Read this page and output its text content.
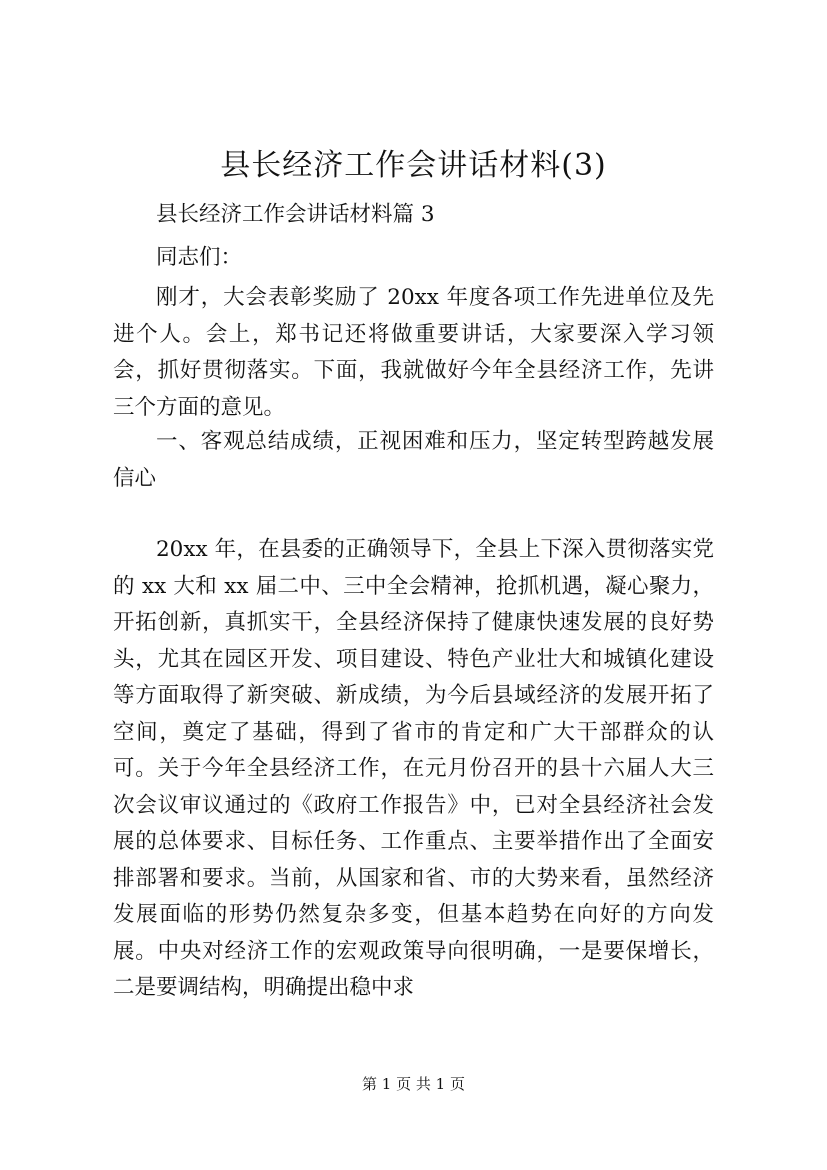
县长经济工作会讲话材料(3)
县长经济工作会讲话材料篇 3
同志们：
刚才，大会表彰奖励了 20xx 年度各项工作先进单位及先进个人。会上，郑书记还将做重要讲话，大家要深入学习领会，抓好贯彻落实。下面，我就做好今年全县经济工作，先讲三个方面的意见。
一、客观总结成绩，正视困难和压力，坚定转型跨越发展信心
20xx 年，在县委的正确领导下，全县上下深入贯彻落实党的 xx 大和 xx 届二中、三中全会精神，抢抓机遇，凝心聚力，开拓创新，真抓实干，全县经济保持了健康快速发展的良好势头，尤其在园区开发、项目建设、特色产业壮大和城镇化建设等方面取得了新突破、新成绩，为今后县域经济的发展开拓了空间，奠定了基础，得到了省市的肯定和广大干部群众的认可。关于今年全县经济工作，在元月份召开的县十六届人大三次会议审议通过的《政府工作报告》中，已对全县经济社会发展的总体要求、目标任务、工作重点、主要举措作出了全面安排部署和要求。当前，从国家和省、市的大势来看，虽然经济发展面临的形势仍然复杂多变，但基本趋势在向好的方向发展。中央对经济工作的宏观政策导向很明确，一是要保增长，二是要调结构，明确提出稳中求
第 1 页 共 1 页
